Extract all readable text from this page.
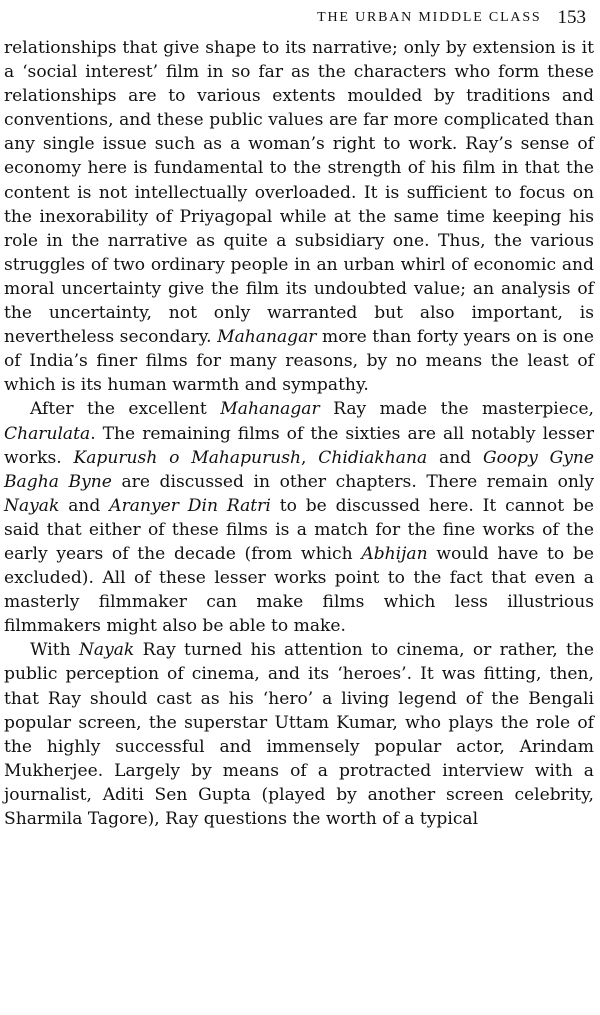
THE URBAN MIDDLE CLASS 153

relationships that give shape to its narrative; only by extension is it a ‘social interest’ film in so far as the characters who form these relationships are to various extents moulded by traditions and conventions, and these public values are far more complicated than any single issue such as a woman’s right to work. Ray’s sense of economy here is fundamental to the strength of his film in that the content is not intellectually overloaded. It is sufficient to focus on the inexorability of Priyagopal while at the same time keeping his role in the narrative as quite a subsidiary one. Thus, the various struggles of two ordinary people in an urban whirl of economic and moral uncertainty give the film its undoubted value; an analysis of the uncertainty, not only warranted but also important, is nevertheless secondary. Mahanagar more than forty years on is one of India’s finer films for many reasons, by no means the least of which is its human warmth and sympathy.

After the excellent Mahanagar Ray made the masterpiece, Charulata. The remaining films of the sixties are all notably lesser works. Kapurush o Mahapurush, Chidiakhana and Goopy Gyne Bagha Byne are discussed in other chapters. There remain only Nayak and Aranyer Din Ratri to be discussed here. It cannot be said that either of these films is a match for the fine works of the early years of the decade (from which Abhijan would have to be excluded). All of these lesser works point to the fact that even a masterly filmmaker can make films which less illustrious filmmakers might also be able to make.

With Nayak Ray turned his attention to cinema, or rather, the public perception of cinema, and its ‘heroes’. It was fitting, then, that Ray should cast as his ‘hero’ a living legend of the Bengali popular screen, the superstar Uttam Kumar, who plays the role of the highly successful and immensely popular actor, Arindam Mukherjee. Largely by means of a protracted interview with a journalist, Aditi Sen Gupta (played by another screen celebrity, Sharmila Tagore), Ray questions the worth of a typical
